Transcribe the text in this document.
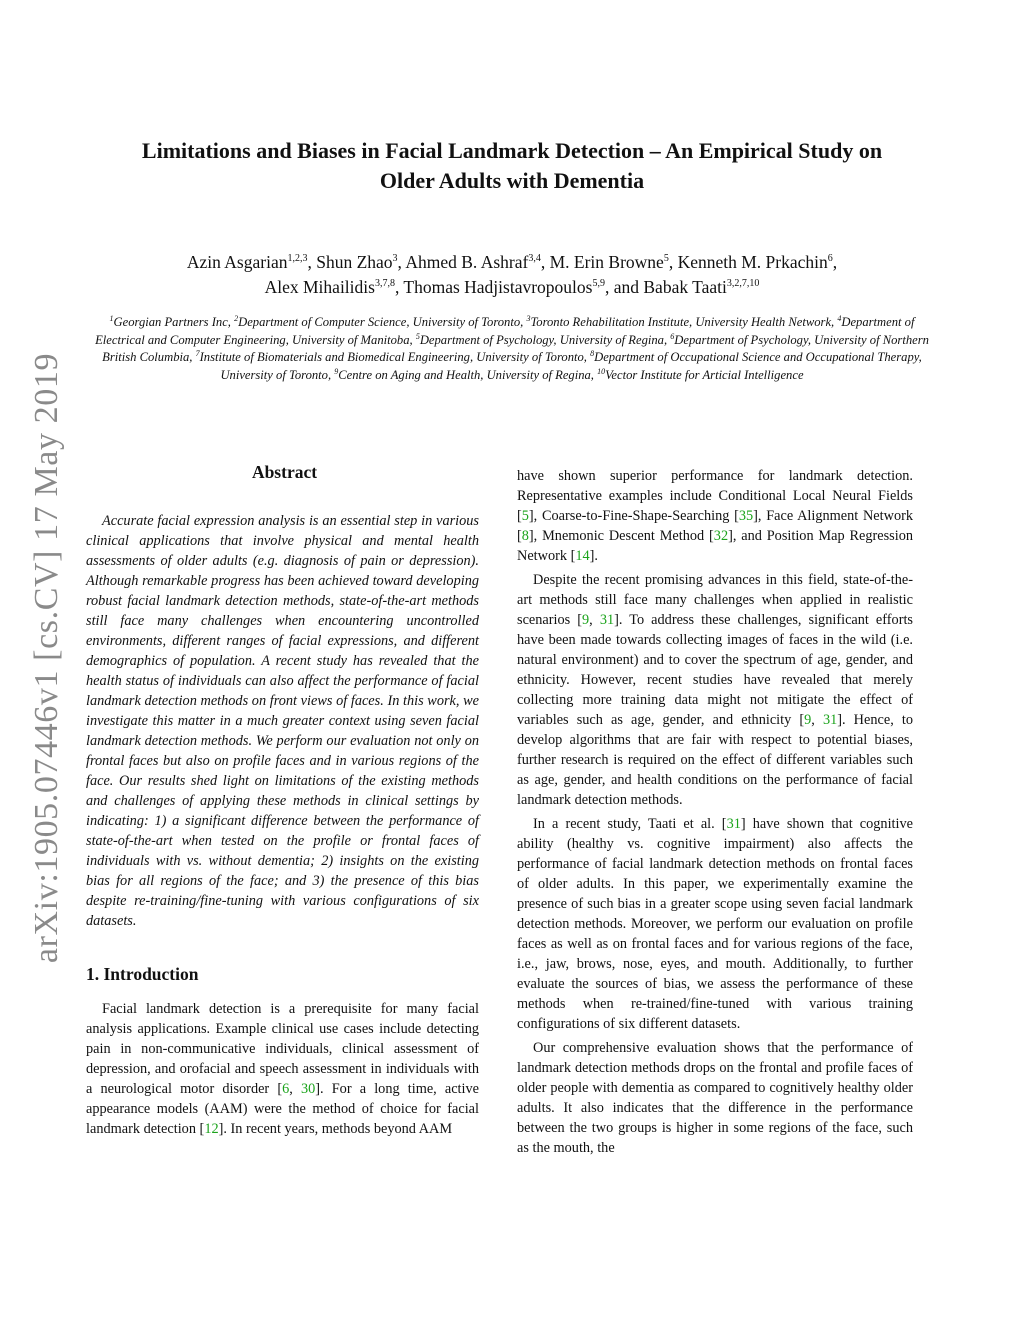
arXiv:1905.07446v1 [cs.CV] 17 May 2019
Limitations and Biases in Facial Landmark Detection – An Empirical Study on
Older Adults with Dementia
Azin Asgarian$^{1,2,3}$, Shun Zhao$^3$, Ahmed B. Ashraf$^{3,4}$, M. Erin Browne$^5$, Kenneth M. Prkachin$^6$,
Alex Mihailidis$^{3,7,8}$, Thomas Hadjistavropoulos$^{5,9}$, and Babak Taati$^{3,2,7,10}$
$^1$Georgian Partners Inc, $^2$Department of Computer Science, University of Toronto, $^3$Toronto Rehabilitation Institute, University Health Network, $^4$Department of Electrical and Computer Engineering, University of Manitoba, $^5$Department of Psychology, University of Regina, $^6$Department of Psychology, University of Northern British Columbia, $^7$Institute of Biomaterials and Biomedical Engineering, University of Toronto, $^8$Department of Occupational Science and Occupational Therapy, University of Toronto, $^9$Centre on Aging and Health, University of Regina, $^{10}$Vector Institute for Articial Intelligence
Abstract

Accurate facial expression analysis is an essential step in various clinical applications that involve physical and mental health assessments of older adults (e.g. diagnosis of pain or depression). Although remarkable progress has been achieved toward developing robust facial landmark detection methods, state-of-the-art methods still face many challenges when encountering uncontrolled environments, different ranges of facial expressions, and different demographics of population. A recent study has revealed that the health status of individuals can also affect the performance of facial landmark detection methods on front views of faces. In this work, we investigate this matter in a much greater context using seven facial landmark detection methods. We perform our evaluation not only on frontal faces but also on profile faces and in various regions of the face. Our results shed light on limitations of the existing methods and challenges of applying these methods in clinical settings by indicating: 1) a significant difference between the performance of state-of-the-art when tested on the profile or frontal faces of individuals with vs. without dementia; 2) insights on the existing bias for all regions of the face; and 3) the presence of this bias despite re-training/fine-tuning with various configurations of six datasets.

1. Introduction

Facial landmark detection is a prerequisite for many facial analysis applications. Example clinical use cases include detecting pain in non-communicative individuals, clinical assessment of depression, and orofacial and speech assessment in individuals with a neurological motor disorder [6, 30]. For a long time, active appearance models (AAM) were the method of choice for facial landmark detection [12]. In recent years, methods beyond AAM

have shown superior performance for landmark detection. Representative examples include Conditional Local Neural Fields [5], Coarse-to-Fine-Shape-Searching [35], Face Alignment Network [8], Mnemonic Descent Method [32], and Position Map Regression Network [14].

Despite the recent promising advances in this field, state-of-the-art methods still face many challenges when applied in realistic scenarios [9, 31]. To address these challenges, significant efforts have been made towards collecting images of faces in the wild (i.e. natural environment) and to cover the spectrum of age, gender, and ethnicity. However, recent studies have revealed that merely collecting more training data might not mitigate the effect of variables such as age, gender, and ethnicity [9, 31]. Hence, to develop algorithms that are fair with respect to potential biases, further research is required on the effect of different variables such as age, gender, and health conditions on the performance of facial landmark detection methods.

In a recent study, Taati et al. [31] have shown that cognitive ability (healthy vs. cognitive impairment) also affects the performance of facial landmark detection methods on frontal faces of older adults. In this paper, we experimentally examine the presence of such bias in a greater scope using seven facial landmark detection methods. Moreover, we perform our evaluation on profile faces as well as on frontal faces and for various regions of the face, i.e., jaw, brows, nose, eyes, and mouth. Additionally, to further evaluate the sources of bias, we assess the performance of these methods when re-trained/fine-tuned with various training configurations of six different datasets.

Our comprehensive evaluation shows that the performance of landmark detection methods drops on the frontal and profile faces of older people with dementia as compared to cognitively healthy older adults. It also indicates that the difference in the performance between the two groups is higher in some regions of the face, such as the mouth, the
